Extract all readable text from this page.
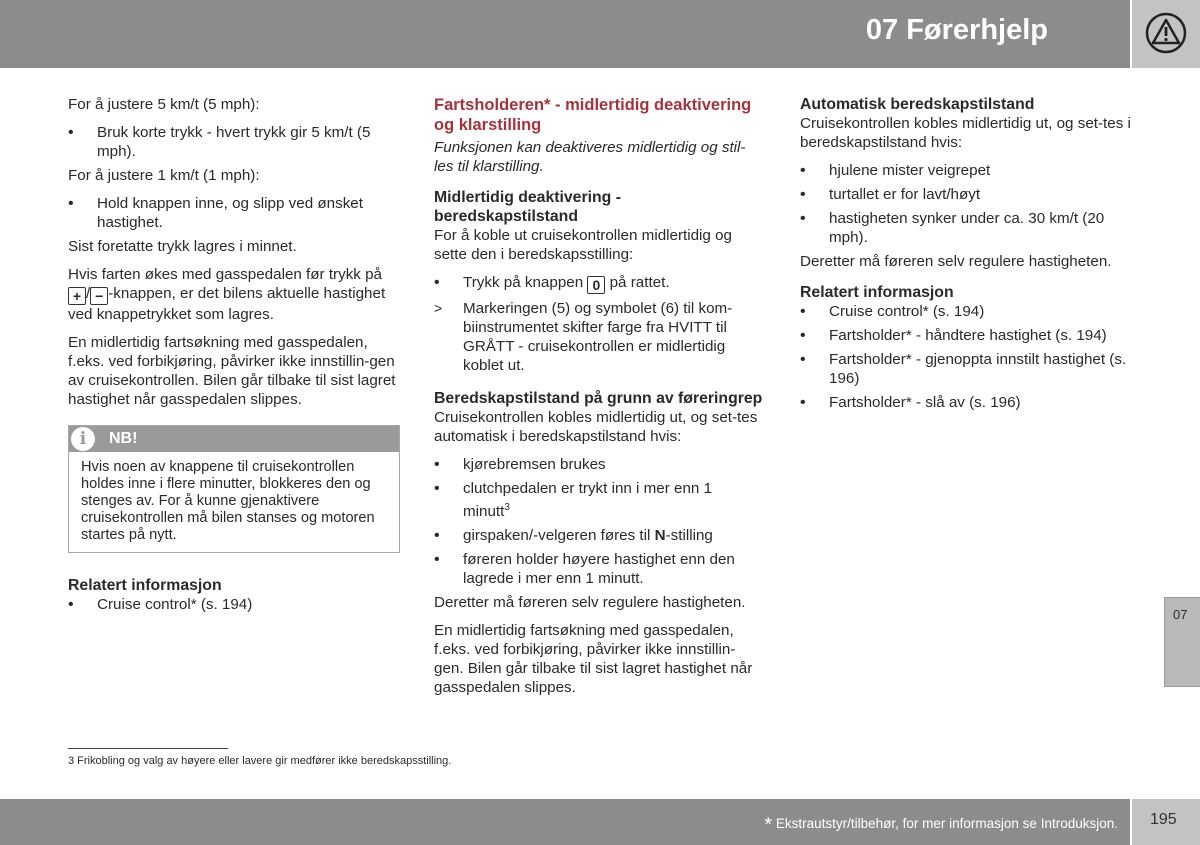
07 Førerhjelp

For å justere 5 km/t (5 mph):

• Bruk korte trykk - hvert trykk gir 5 km/t (5 mph).

For å justere 1 km/t (1 mph):

• Hold knappen inne, og slipp ved ønsket hastighet.

Sist foretatte trykk lagres i minnet.

Hvis farten økes med gasspedalen før trykk på + / − -knappen, er det bilens aktuelle hastighet ved knappetrykket som lagres.

En midlertidig fartsøkning med gasspedalen, f.eks. ved forbikjøring, påvirker ikke innstillin-gen av cruisekontrollen. Bilen går tilbake til sist lagret hastighet når gasspedalen slippes.

i	NB!
Hvis noen av knappene til cruisekontrollen holdes inne i flere minutter, blokkeres den og stenges av. For å kunne gjenaktivere cruisekontrollen må bilen stanses og motoren startes på nytt.
Relatert informasjon
• Cruise control* (s. 194)
Fartsholderen* - midlertidig deaktivering og klarstilling

Funksjonen kan deaktiveres midlertidig og stil-les til klarstilling.

Midlertidig deaktivering - beredskapstilstand

For å koble ut cruisekontrollen midlertidig og sette den i beredskapsstilling:

• Trykk på knappen 0 på rattet.
> Markeringen (5) og symbolet (6) til kom-biinstrumentet skifter farge fra HVITT til GRÅTT - cruisekontrollen er midlertidig koblet ut.
Beredskapstilstand på grunn av føreringrep

Cruisekontrollen kobles midlertidig ut, og set-tes automatisk i beredskapstilstand hvis:

• kjørebremsen brukes
• clutchpedalen er trykt inn i mer enn 1 minutt$^3$
• girspaken/-velgeren føres til N-stilling
• føreren holder høyere hastighet enn den lagrede i mer enn 1 minutt.

Deretter må føreren selv regulere hastigheten.

En midlertidig fartsøkning med gasspedalen, f.eks. ved forbikjøring, påvirker ikke innstillin-gen. Bilen går tilbake til sist lagret hastighet når gasspedalen slippes.

Automatisk beredskapstilstand

Cruisekontrollen kobles midlertidig ut, og set-tes i beredskapstilstand hvis:

• hjulene mister veigrepet
• turtallet er for lavt/høyt
• hastigheten synker under ca. 30 km/t (20 mph).

Deretter må føreren selv regulere hastigheten.

Relatert informasjon
• Cruise control* (s. 194)
• Fartsholder* - håndtere hastighet (s. 194)
• Fartsholder* - gjenoppta innstilt hastighet (s. 196)
• Fartsholder* - slå av (s. 196)
3 Frikobling og valg av høyere eller lavere gir medfører ikke beredskapsstilling.
07
* Ekstrautstyr/tilbehør, for mer informasjon se Introduksjon. 195
